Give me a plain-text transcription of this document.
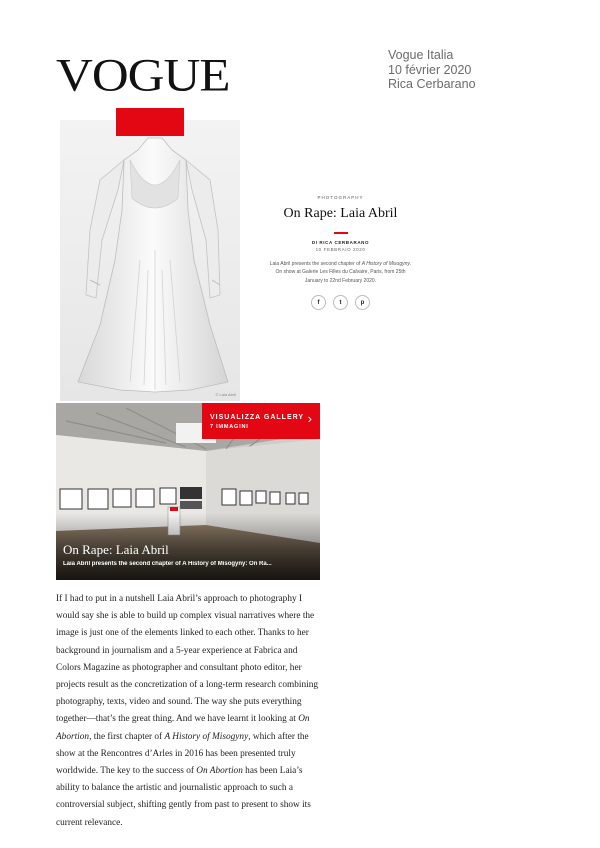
VOGUE	Vogue Italia
10 février 2020
Rica Cerbarano
© Laia Abril
PHOTOGRAPHY
On Rape: Laia Abril
DI RICA CERBARANO
10 FEBBRAIO 2020
Laia Abril presents the second chapter of A History of Misogyny. On show at Galerie Les Filles du Calvaire, Paris, from 25th January to 22nd February 2020.
f	t	p
VISUALIZZA GALLERY
7 IMMAGINI
›
On Rape: Laia Abril
Laia Abril presents the second chapter of A History of Misogyny: On Ra...
If I had to put in a nutshell Laia Abril’s approach to photography I would say she is able to build up complex visual narratives where the image is just one of the elements linked to each other. Thanks to her background in journalism and a 5-year experience at Fabrica and Colors Magazine as photographer and consultant photo editor, her projects result as the concretization of a long-term research combining photography, texts, video and sound. The way she puts everything together—that’s the great thing. And we have learnt it looking at On Abortion, the first chapter of A History of Misogyny, which after the show at the Rencontres d’Arles in 2016 has been presented truly worldwide. The key to the success of On Abortion has been Laia’s ability to balance the artistic and journalistic approach to such a controversial subject, shifting gently from past to present to show its current relevance.
